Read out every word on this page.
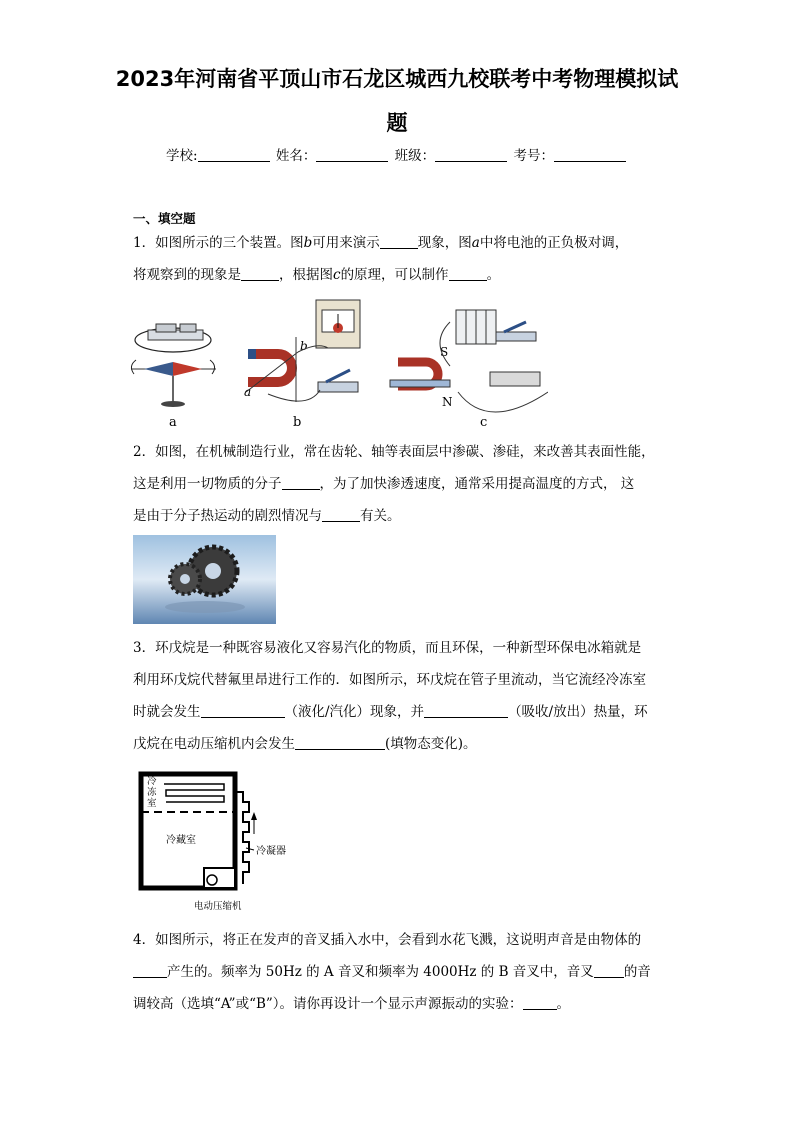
2023年河南省平顶山市石龙区城西九校联考中考物理模拟试
题
学校:	姓名：	班级：	考号：
一、填空题
1．如图所示的三个装置。图b可用来演示	现象，图a中将电池的正负极对调，
将观察到的现象是	，根据图c的原理，可以制作	。
a
a
b
b
S
N
c
2．如图，在机械制造行业，常在齿轮、轴等表面层中渗碳、渗硅，来改善其表面性能，
这是利用一切物质的分子	，为了加快渗透速度，通常采用提高温度的方式， 这
是由于分子热运动的剧烈情况与	有关。
3．环戊烷是一种既容易液化又容易汽化的物质，而且环保，一种新型环保电冰箱就是
利用环戊烷代替氟里昂进行工作的．如图所示，环戊烷在管子里流动，当它流经冷冻室
时就会发生	（液化/汽化）现象，并	（吸收/放出）热量，环
戊烷在电动压缩机内会发生	(填物态变化)。
冷冻室
冷藏室
冷凝器
电动压缩机
4．如图所示，将正在发声的音叉插入水中，会看到水花飞溅，这说明声音是由物体的
产生的。频率为 50Hz 的 A 音叉和频率为 4000Hz 的 B 音叉中，音叉 的音
调较高（选填“A”或“B”）。请你再设计一个显示声源振动的实验：	。
